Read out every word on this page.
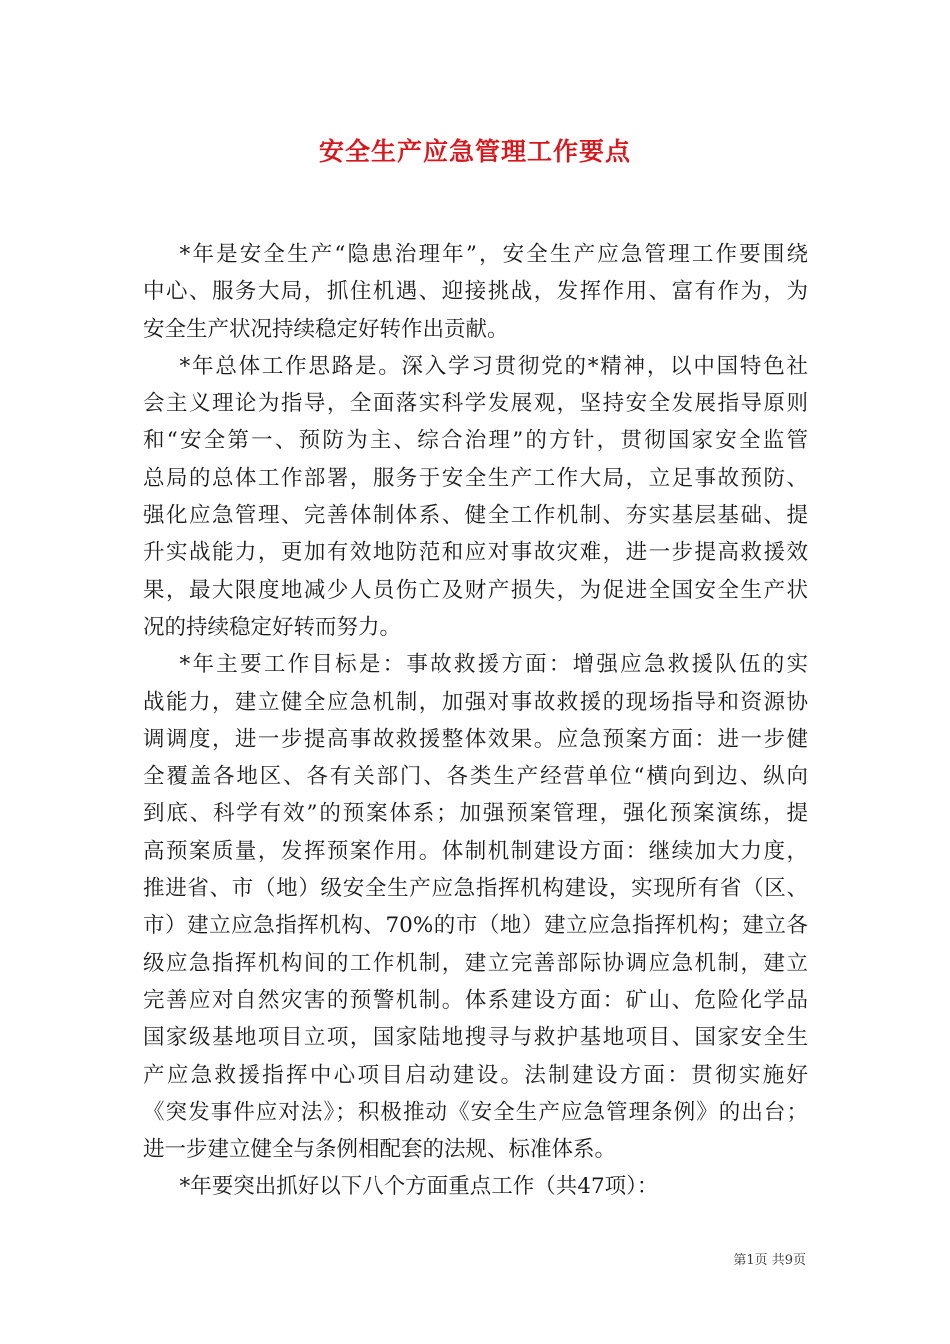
安全生产应急管理工作要点
*年是安全生产“隐患治理年”，安全生产应急管理工作要围绕
中心、服务大局，抓住机遇、迎接挑战，发挥作用、富有作为，为
安全生产状况持续稳定好转作出贡献。
*年总体工作思路是。深入学习贯彻党的*精神，以中国特色社
会主义理论为指导，全面落实科学发展观，坚持安全发展指导原则
和“安全第一、预防为主、综合治理”的方针，贯彻国家安全监管
总局的总体工作部署，服务于安全生产工作大局，立足事故预防、
强化应急管理、完善体制体系、健全工作机制、夯实基层基础、提
升实战能力，更加有效地防范和应对事故灾难，进一步提高救援效
果，最大限度地减少人员伤亡及财产损失，为促进全国安全生产状
况的持续稳定好转而努力。
*年主要工作目标是：事故救援方面：增强应急救援队伍的实
战能力，建立健全应急机制，加强对事故救援的现场指导和资源协
调调度，进一步提高事故救援整体效果。应急预案方面：进一步健
全覆盖各地区、各有关部门、各类生产经营单位“横向到边、纵向
到底、科学有效”的预案体系；加强预案管理，强化预案演练，提
高预案质量，发挥预案作用。体制机制建设方面：继续加大力度，
推进省、市（地）级安全生产应急指挥机构建设，实现所有省（区、
市）建立应急指挥机构、70%的市（地）建立应急指挥机构；建立各
级应急指挥机构间的工作机制，建立完善部际协调应急机制，建立
完善应对自然灾害的预警机制。体系建设方面：矿山、危险化学品
国家级基地项目立项，国家陆地搜寻与救护基地项目、国家安全生
产应急救援指挥中心项目启动建设。法制建设方面：贯彻实施好
《突发事件应对法》；积极推动《安全生产应急管理条例》的出台；
进一步建立健全与条例相配套的法规、标准体系。
*年要突出抓好以下八个方面重点工作（共47项）：
第1页 共9页
